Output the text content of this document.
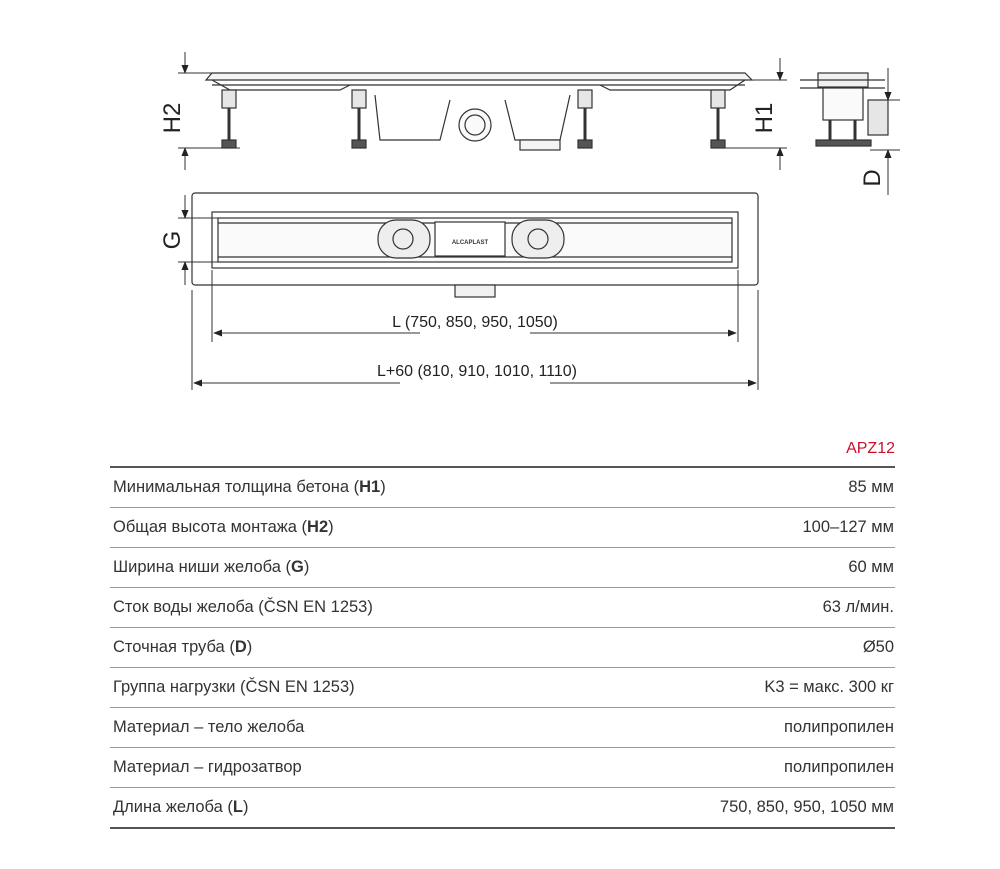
H2	H1
D
ALCAPLAST
G
L (750, 850, 950, 1050)
L+60 (810, 910, 1010, 1110)
APZ12
Минимальная толщина бетона (H1)	85 мм
Общая высота монтажа (H2)	100–127 мм
Ширина ниши желоба (G)	60 мм
Сток воды желоба (ČSN EN 1253)	63 л/мин.
Сточная труба (D)	Ø50
Группа нагрузки (ČSN EN 1253)	K3 = макс. 300 кг
Материал – тело желоба	полипропилен
Материал – гидрозатвор	полипропилен
Длина желоба (L)	750, 850, 950, 1050 мм
